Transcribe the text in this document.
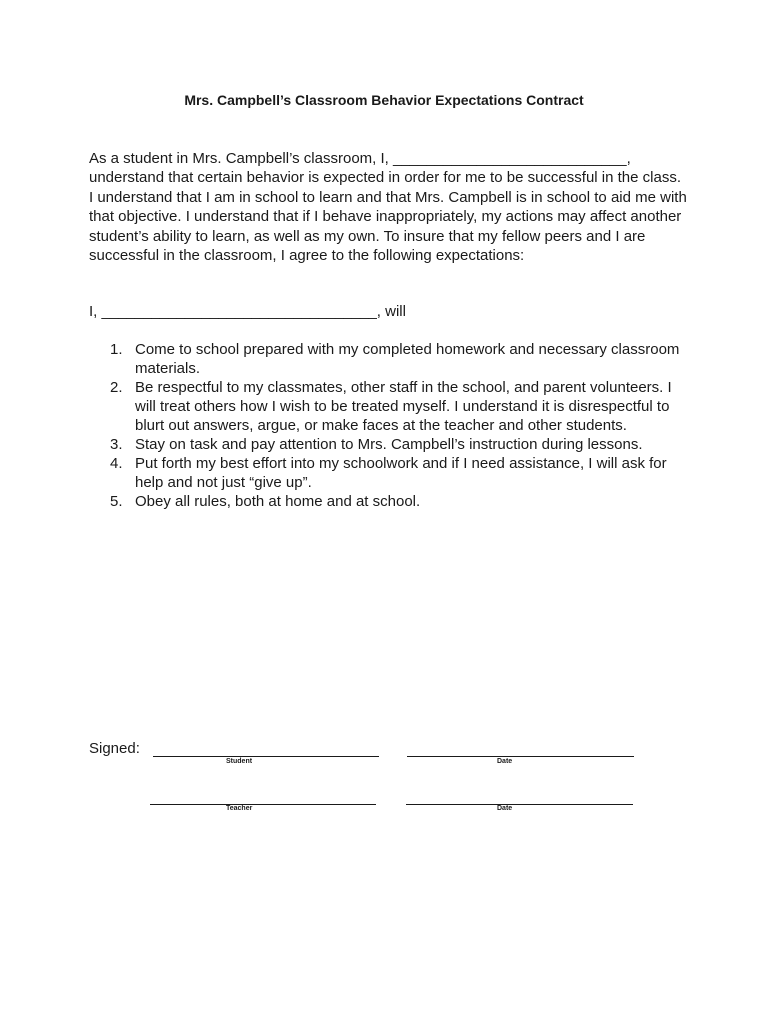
Mrs. Campbell’s Classroom Behavior Expectations Contract
As a student in Mrs. Campbell’s classroom, I, ____________________________, understand that certain behavior is expected in order for me to be successful in the class. I understand that I am in school to learn and that Mrs. Campbell is in school to aid me with that objective. I understand that if I behave inappropriately, my actions may affect another student’s ability to learn, as well as my own. To insure that my fellow peers and I are successful in the classroom, I agree to the following expectations:
I, _________________________________, will
1. Come to school prepared with my completed homework and necessary classroom materials.
2. Be respectful to my classmates, other staff in the school, and parent volunteers. I will treat others how I wish to be treated myself. I understand it is disrespectful to blurt out answers, argue, or make faces at the teacher and other students.
3. Stay on task and pay attention to Mrs. Campbell’s instruction during lessons.
4. Put forth my best effort into my schoolwork and if I need assistance, I will ask for help and not just “give up”.
5. Obey all rules, both at home and at school.
Signed:
Student	Date
Teacher	Date
